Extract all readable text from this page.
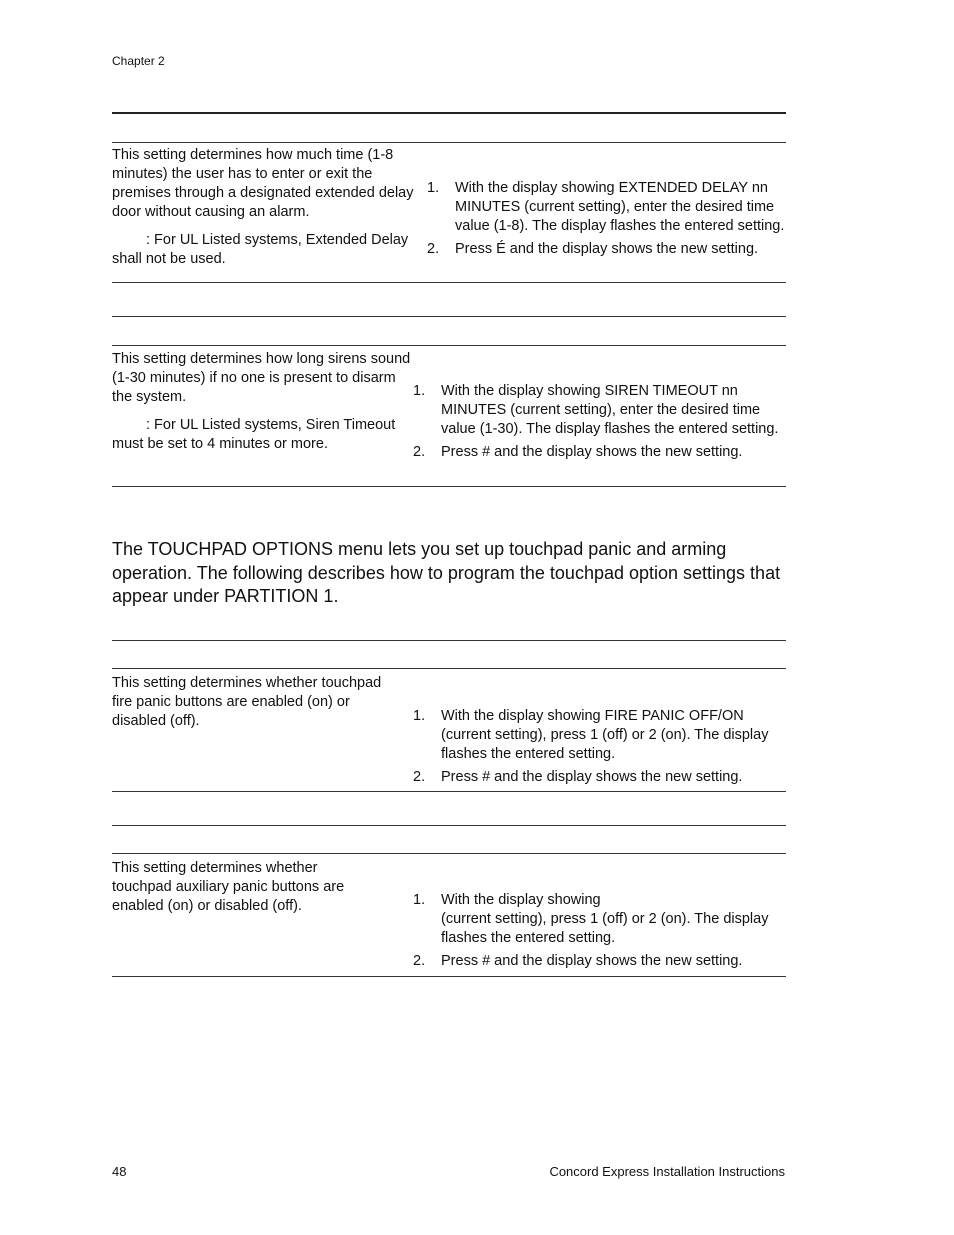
Chapter 2

This setting determines how much time (1-8 minutes) the user has to enter or exit the premises through a designated extended delay door without causing an alarm.

: For UL Listed systems, Extended Delay shall not be used.

1. With the display showing EXTENDED DELAY nn MINUTES (current setting), enter the desired time value (1-8). The display flashes the entered setting.
2. Press É and the display shows the new setting.

This setting determines how long sirens sound (1-30 minutes) if no one is present to disarm the system.

: For UL Listed systems, Siren Timeout must be set to 4 minutes or more.

1. With the display showing SIREN TIMEOUT nn MINUTES (current setting), enter the desired time value (1-30). The display flashes the entered setting.
2. Press # and the display shows the new setting.
The TOUCHPAD OPTIONS menu lets you set up touchpad panic and arming operation. The following describes how to program the touchpad option settings that appear under PARTITION 1.

This setting determines whether touchpad fire panic buttons are enabled (on) or disabled (off).	1. With the display showing FIRE PANIC OFF/ON (current setting), press 1 (off) or 2 (on). The display flashes the entered setting.
2. Press # and the display shows the new setting.

This setting determines whether touchpad auxiliary panic buttons are enabled (on) or disabled (off).	1. With the display showing
(current setting), press 1 (off) or 2 (on). The display flashes the entered setting.
2. Press # and the display shows the new setting.
48	Concord Express Installation Instructions
